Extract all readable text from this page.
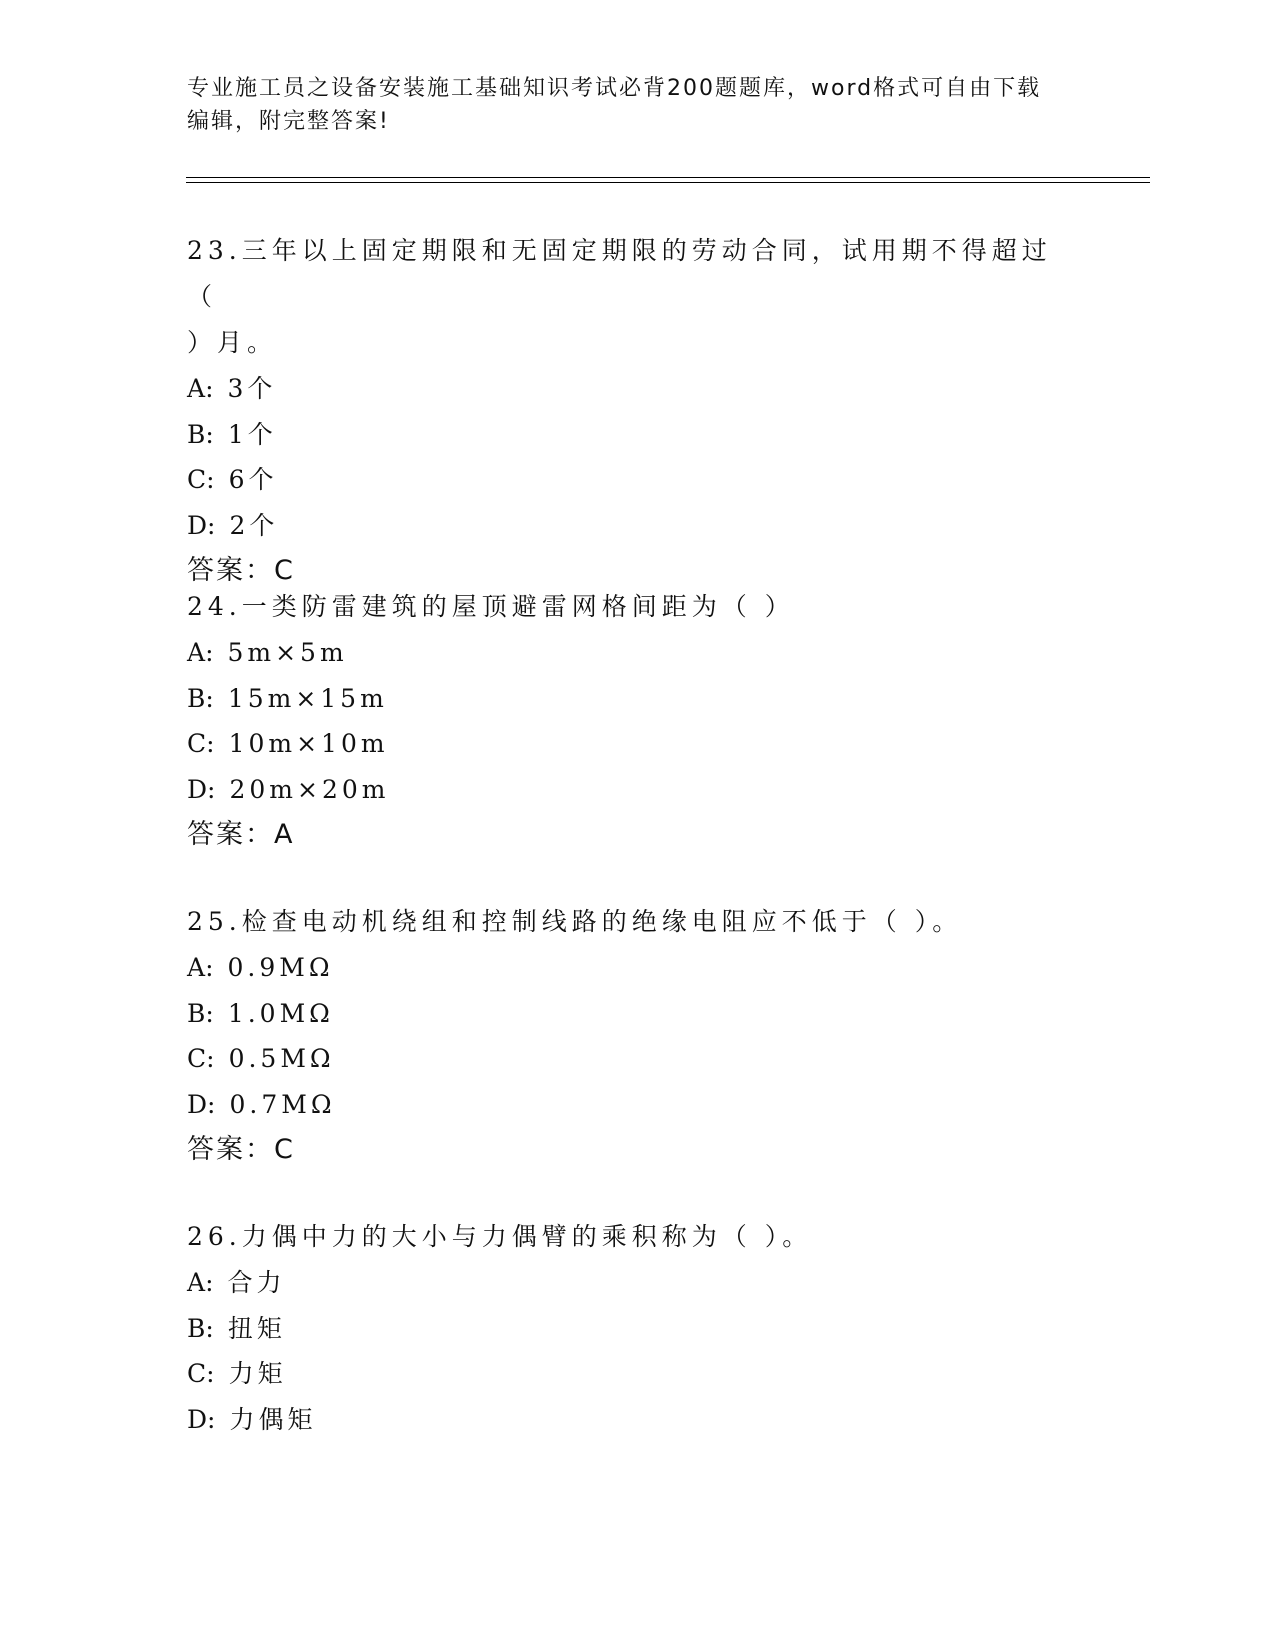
专业施工员之设备安装施工基础知识考试必背200题题库，word格式可自由下载
编辑，附完整答案!

23.三年以上固定期限和无固定期限的劳动合同，试用期不得超过（

）月。

A: 3个

B: 1个

C: 6个

D: 2个

答案：C

24.一类防雷建筑的屋顶避雷网格间距为（ ）

A: 5m×5m

B: 15m×15m

C: 10m×10m

D: 20m×20m

答案：A

25.检查电动机绕组和控制线路的绝缘电阻应不低于（ ）。

A: 0.9MΩ

B: 1.0MΩ

C: 0.5MΩ

D: 0.7MΩ

答案：C

26.力偶中力的大小与力偶臂的乘积称为（ ）。

A: 合力

B: 扭矩

C: 力矩

D: 力偶矩
